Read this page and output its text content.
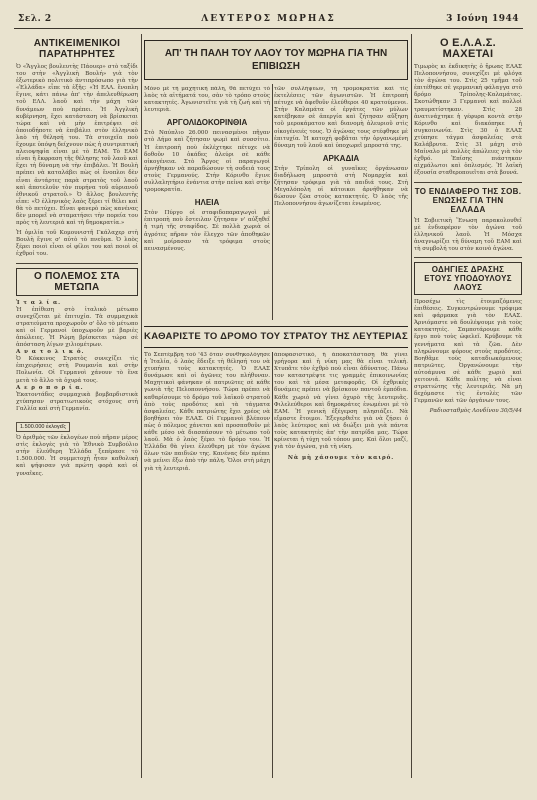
Σελ. 2	ΛΕΥΤΕΡΟΣ ΜΩΡΗΑΣ	3 Ιούνη 1944
ΑΝΤΙΚΕΙΜΕΝΙΚΟΙ ΠΑΡΑΤΗΡΗΤΕΣ
Ὁ «Ἄγγλος βουλευτὴς Πάουερ» στὸ ταξίδι του στὴν «Ἀγγλικὴ Βουλή» γιὰ τὸν ἐξωτερικὸ πολιτικὸ ἀντιπρόσωπο γιὰ τὴν «Ἑλλάδα» εἶπε τὰ ἑξῆς: «Ἡ ΕΛΛ. ἕνοπλη ἔγινε, κάτι πάνω ἀπ' τὴν ἀπελευθέρωση τοῦ ΕΛΛ. λαοῦ καὶ τὴν μάχη τῶν δυνάμεων ποὺ πρέπει. Ἡ Ἀγγλικὴ κυβέρνηση, ἔχει κατάσταση νὰ βρίσκεται τώρα καὶ νὰ μὴν ἐπιτρέψει σὲ ὁποιοδήποτε νὰ ἐπιβάλει στὸν ἑλληνικὸ λαὸ τὴ θέλησή του. Τὰ στοιχεῖα ποὺ ἔχουμε ὑπόψη δείχνουν πὼς ἡ συντριπτικὴ πλειοψηφία εἶναι μὲ τὸ ΕΑΜ. Τὸ ΕΑΜ εἶναι ἡ ἔκφραση τῆς θέλησης τοῦ λαοῦ καὶ ἔχει τὴ δύναμη νὰ τὴν ἐπιβάλει. Ἡ Βουλὴ πρέπει νὰ καταλάβει πὼς οἱ ἔνοπλοι δὲν εἶναι ἀντάρτες παρὰ στρατὸς τοῦ λαοῦ καὶ ἀποτελοῦν τὸν πυρήνα τοῦ αὐριανοῦ ἐθνικοῦ στρατοῦ.» Ὁ ἄλλος βουλευτὴς εἶπε: «Ὁ ἑλληνικὸς λαὸς ξέρει τί θέλει καὶ θὰ τὸ πετύχει. Εἶναι φανερὸ πὼς κανένας δὲν μπορεῖ νὰ σταματήσει τὴν πορεία του πρὸς τὴ λευτεριά καὶ τὴ δημοκρατία.»
Ἡ ὁμιλία τοῦ Κομουνιστῆ Γκάλαχερ στὴ Βουλὴ ἔγινε σ' αὐτὸ τὸ πνεῦμα. Ὁ λαὸς ξέρει ποιοὶ εἶναι οἱ φίλοι του καὶ ποιοὶ οἱ ἐχθροί του.
Ο ΠΟΛΕΜΟΣ ΣΤΑ ΜΕΤΩΠΑ
Ἰ τ α λ ί α.
Ἡ ἐπίθεση στὸ ἰταλικὸ μέτωπο συνεχίζεται μὲ ἐπιτυχία. Τὰ συμμαχικὰ στρατεύματα προχωροῦν σ' ὅλο τὸ μέτωπο καὶ οἱ Γερμανοὶ ὑποχωροῦν μὲ βαριὲς ἀπώλειες. Ἡ Ρώμη βρίσκεται τώρα σὲ ἀπόσταση λίγων χιλιομέτρων.
Α ν α τ ο λ ι κ ό.
Ὁ Κόκκινος Στρατὸς συνεχίζει τὶς ἐπιχειρήσεις στὴ Ρουμανία καὶ στὴν Πολωνία. Οἱ Γερμανοὶ χάνουν τὸ ἕνα μετὰ τὸ ἄλλο τὰ ὀχυρά τους.
Α ε ρ ο π ο ρ ί α.
Ἐκατοντάδες συμμαχικὰ βομβαρδιστικὰ χτύπησαν στρατιωτικοὺς στόχους στὴ Γαλλία καὶ στὴ Γερμανία.
1.500.000 ἐκλογεῖς
Ὁ ἀριθμὸς τῶν ἐκλογέων ποὺ πῆραν μέρος στὶς ἐκλογὲς γιὰ τὸ Ἐθνικὸ Συμβούλιο στὴν ἐλεύθερη Ἑλλάδα ξεπέρασε τὸ 1.500.000. Ἡ συμμετοχὴ ἦταν καθολικὴ καὶ ψήφισαν γιὰ πρώτη φορὰ καὶ οἱ γυναῖκες.
ΑΠ' ΤΗ ΠΑΛΗ ΤΟΥ ΛΑΟΥ ΤΟΥ ΜΩΡΗΑ ΓΙΑ ΤΗΝ ΕΠΙΒΙΩΣΗ
Μόνο μὲ τὴ μαχητικὴ πάλη, θὰ πετύχει τὸ λαὸς τὰ αἰτήματά του, σὰν τὸ τρόπο στοὺς κατακτητές. Ἀγωνιστεῖτε γιὰ τὴ ζωή καὶ τὴ λευτεριὰ.
ΑΡΓΟΛΙΔΟΚΟΡΙΝΘΙΑ
Στὸ Ναύπλιο 26.000 πεινασμένοι πῆγαν στὸ Δήμο καὶ ζήτησαν ψωμὶ καὶ συσσίτιο. Ἡ ἐπιτροπὴ ποὺ ἐκλέχτηκε πέτυχε νὰ δοθοῦν 10 ὀκάδες ἀλεύρι σὲ κάθε οἰκογένεια. Στὸ Ἄργος οἱ παραγωγοὶ ἀρνήθηκαν νὰ παραδώσουν τὴ σοδειά τους στοὺς Γερμανούς. Στὴν Κόρινθο ἔγινε συλλαλητήριο ἐνάντια στὴν πείνα καὶ στὴν τρομοκρατία.
ΗΛΕΙΑ
Στὸν Πύργο οἱ σταφιδοπαραγωγοὶ μὲ ἐπιτροπὴ ποὺ ἔστειλαν ζήτησαν ν' αὐξηθεῖ ἡ τιμὴ τῆς σταφίδας. Σὲ πολλὰ χωριὰ οἱ ἀγρότες πῆραν τὸν ἔλεγχο τῶν ἀποθηκῶν καὶ μοίρασαν τὰ τρόφιμα στοὺς πεινασμένους.
τῶν συλλήψεων, τὴ τρομοκρατία καὶ τὶς ἐκτελέσεις τῶν ἀγωνιστῶν. Ἡ ἐπιτροπὴ πέτυχε νὰ ἀφεθοῦν ἐλεύθεροι 40 κρατούμενοι. Στὴν Καλαμάτα οἱ ἐργάτες τῶν μύλων κατέβηκαν σὲ ἀπεργία καὶ ζήτησαν αὔξηση τοῦ μεροκάματου καὶ διανομὴ ἀλευριοῦ στὶς οἰκογένειές τους. Ὁ ἀγώνας τους στέφθηκε μὲ ἐπιτυχία. Ἡ κατοχὴ φοβᾶται τὴν ὀργανωμένη δύναμη τοῦ λαοῦ καὶ ὑποχωρεῖ μπροστά της.
ΑΡΚΑΔΙΑ
Στὴν Τρίπολη οἱ γυναῖκες ὀργάνωσαν διαδήλωση μπροστὰ στὴ Νομαρχία καὶ ζήτησαν τρόφιμα γιὰ τὰ παιδιά τους. Στὴ Μεγαλόπολη οἱ κάτοικοι ἀρνήθηκαν νὰ δώσουν ζῶα στοὺς κατακτητές. Ὁ λαὸς τῆς Πελοποννήσου ἀγωνίζεται ἑνωμένος.
ΚΑΘΑΡΙΣΤΕ ΤΟ ΔΡΟΜΟ ΤΟΥ ΣΤΡΑΤΟΥ ΤΗΣ ΛΕΥΤΕΡΙΑΣ
Τὸ Σεπτέμβρη τοῦ '43 ὅταν συνθηκολόγησε ἡ Ἰταλία, ὁ λαὸς ἔδειξε τὴ θέλησή του νὰ χτυπήσει τοὺς κατακτητές. Ὁ ΕΛΑΣ δυνάμωσε καὶ οἱ ἀγῶνες του πλήθυναν. Μαχητικοὶ φάνηκαν οἱ πατριῶτες σὲ κάθε γωνιὰ τῆς Πελοποννήσου. Τώρα πρέπει νὰ καθαρίσουμε τὸ δρόμο τοῦ λαϊκοῦ στρατοῦ ἀπὸ τοὺς προδότες καὶ τὰ τάγματα ἀσφαλείας. Κάθε πατριώτης ἔχει χρέος νὰ βοηθήσει τὸν ΕΛΑΣ. Οἱ Γερμανοὶ βλέπουν πὼς ὁ πόλεμος χάνεται καὶ προσπαθοῦν μὲ κάθε μέσο νὰ διασπάσουν τὸ μέτωπο τοῦ λαοῦ. Μὰ ὁ λαὸς ξέρει τὸ δρόμο του. Ἡ Ἑλλάδα θὰ γίνει ἐλεύθερη μὲ τὸν ἀγώνα ὅλων τῶν παιδιῶν της. Κανένας δὲν πρέπει νὰ μείνει ἔξω ἀπὸ τὴν πάλη. Ὅλοι στὴ μάχη γιὰ τὴ λευτεριά.
ἀποφασιστικό, ἡ ἀποκατάσταση θὰ γίνει γρήγορα καὶ ἡ νίκη μας θὰ εἶναι τελικὴ. Χτυπᾶτε τὸν ἐχθρὸ ποὺ εἶναι ἀδύνατος. Πάνω τον καταστρέψτε τις γραμμὲς ἐπικοινωνίας του καὶ τὰ μέσα μεταφορᾶς. Οἱ ἐχθρικὲς δυνάμεις πρέπει νὰ βρίσκουν παντοῦ ἐμπόδια. Κάθε χωριὸ νὰ γίνει ὀχυρὸ τῆς λευτεριᾶς. Φιλελεύθεροι καὶ δημοκράτες ἑνωμένοι μὲ τὸ ΕΑΜ. Ἡ γενικὴ ἐξέγερση πλησιάζει. Νὰ εἴμαστε ἕτοιμοι. Ἐξεγερθεῖτε γιὰ νὰ ζήσει ὁ λαὸς λεύτερος καὶ νὰ διώξει μιὰ γιὰ πάντα τοὺς κατακτητὲς ἀπ' τὴν πατρίδα μας. Τώρα κρίνεται ἡ τύχη τοῦ τόπου μας. Καὶ ὅλοι μαζί, γιὰ τὸν ἀγώνα, γιὰ τὴ νίκη.
Νὰ μὴ χάσουμε τὸν καιρό.
Ο Ε.Λ.Α.Σ. ΜΑΧΕΤΑΙ
Τιμωρὸς κι ἐκδικητὴς ὁ ἥρωας ΕΛΑΣ Πελοποννήσου, συνεχίζει μὲ φλόγα τὸν ἀγώνα του. Στὶς 25 τμῆμα τοῦ ἐπιτέθηκε σὲ γερμανικὴ φάλαγγα στὸ δρόμο Τρίπολης-Καλαμάτας. Σκοτώθηκαν 3 Γερμανοὶ καὶ πολλοὶ τραυματίστηκαν. Στὶς 28 ἀνατινάχτηκε ἡ γέφυρα κοντὰ στὴν Κόρινθο καὶ διακόπηκε ἡ συγκοινωνία. Στὶς 30 ὁ ΕΛΑΣ χτύπησε τάγμα ἀσφαλείας στὰ Καλάβρυτα. Στὶς 31 μάχη στὸ Μαίναλο μὲ πολλὲς ἀπώλειες γιὰ τὸν ἐχθρό. Ἐπίσης πιάστηκαν αἰχμάλωτοι καὶ ὁπλισμός. Ἡ λαϊκὴ ἐξουσία σταθεροποιεῖται στὰ βουνά.
ΤΟ ΕΝΔΙΑΦΕΡΟ ΤΗΣ ΣΟΒ. ΕΝΩΣΗΣ ΓΙΑ ΤΗΝ ΕΛΛΑΔΑ
Ἡ Σοβιετικὴ Ἕνωση παρακολουθεῖ μὲ ἐνδιαφέρον τὸν ἀγώνα τοῦ ἑλληνικοῦ λαοῦ. Ἡ Μόσχα ἀναγνωρίζει τὴ δύναμη τοῦ ΕΑΜ καὶ τὴ συμβολή του στὸν κοινὸ ἀγώνα.
ΟΔΗΓΙΕΣ ΔΡΑΣΗΣ ΕΤΟΥΣ ΥΠΟΔΟΥΛΟΥΣ ΛΑΟΥΣ
Προσέχω τὶς ἑτοιμαζόμενες ἐπιθέσεις. Συγκεντρώνουμε τρόφιμα καὶ φάρμακα γιὰ τὸν ΕΛΑΣ. Ἀρνιόμαστε νὰ δουλέψουμε γιὰ τοὺς κατακτητές. Σαμποτάρουμε κάθε ἔργο ποὺ τοὺς ὠφελεῖ. Κρύβουμε τὰ γεννήματα καὶ τὰ ζῶα. Δὲν πληρώνουμε φόρους στοὺς προδότες. Βοηθᾶμε τοὺς καταδιωκόμενους πατριῶτες. Ὀργανώνουμε τὴν αὐτοάμυνα σὲ κάθε χωριὸ καὶ γειτονιά. Κάθε πολίτης νὰ εἶναι στρατιώτης τῆς λευτεριᾶς. Νὰ μὴ δεχόμαστε τὶς ἐντολὲς τῶν Γερμανῶν καὶ τῶν ὀργάνων τους.
Ραδιοσταθμὸς Λονδίνου 30/5/44
